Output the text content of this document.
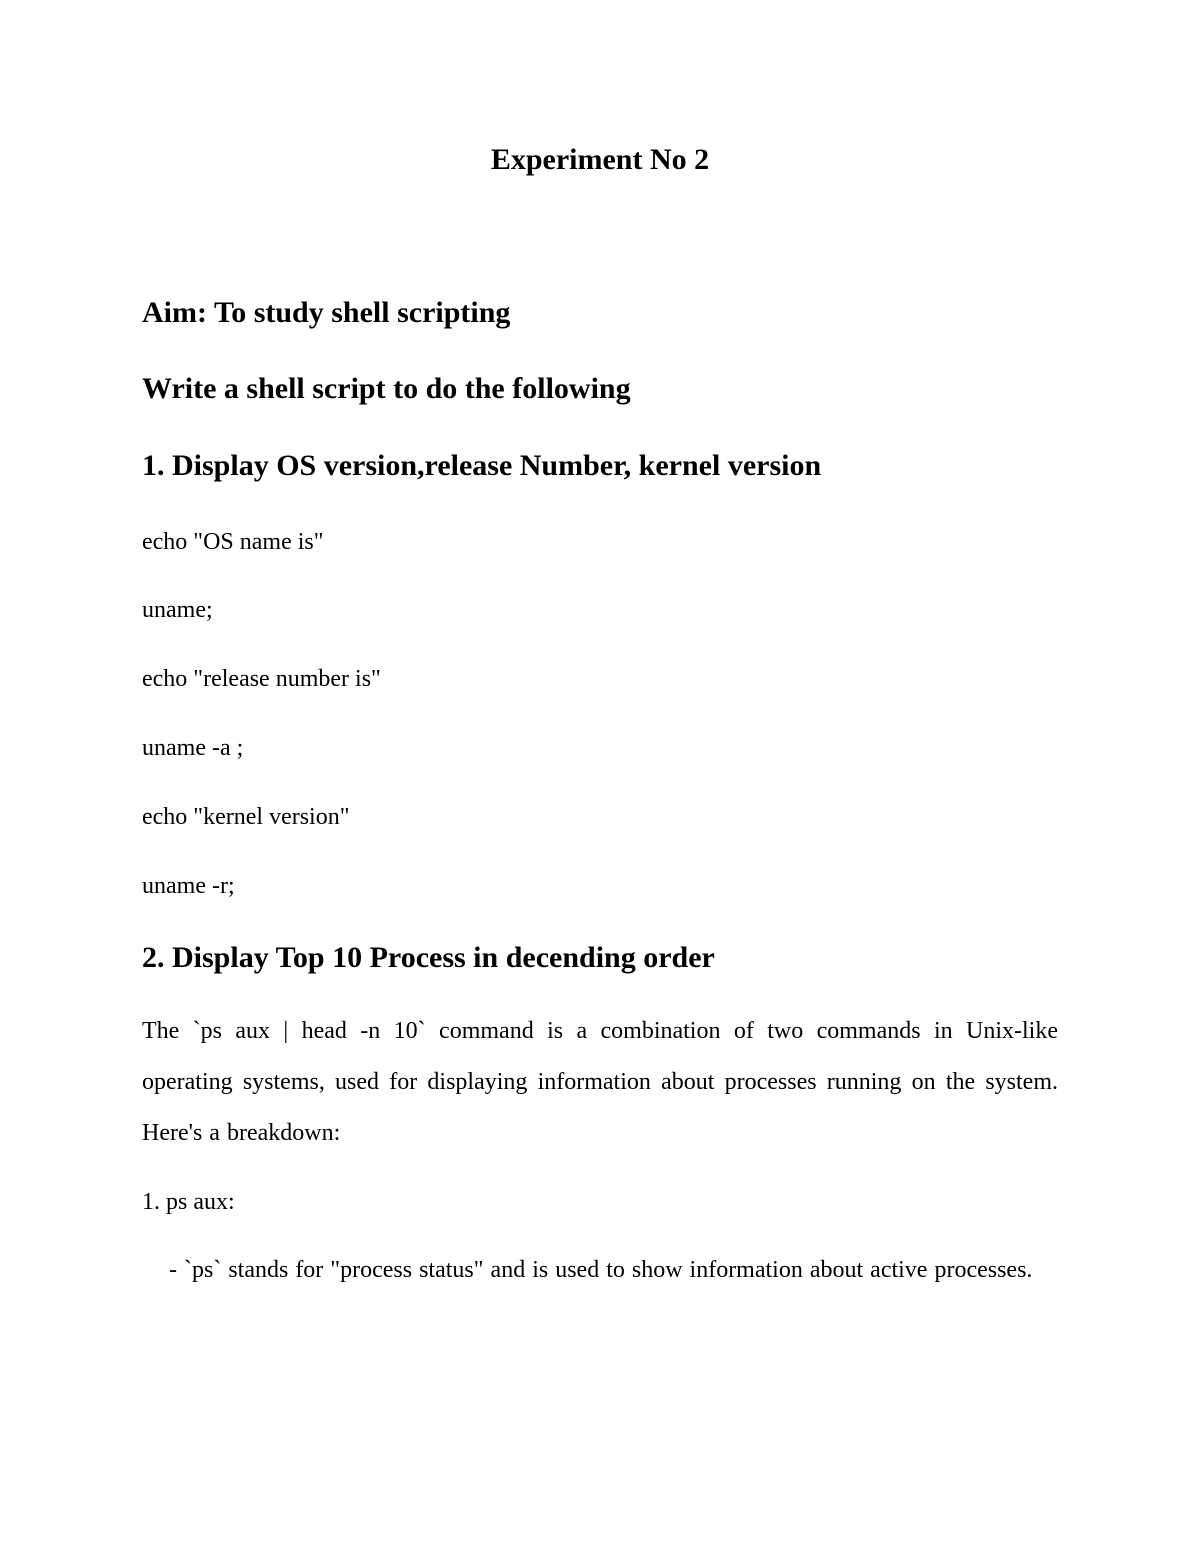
Experiment No 2
Aim: To study shell scripting
Write a shell script to do the following
1. Display OS version,release Number, kernel version
echo "OS name is"
uname;
echo "release number is"
uname -a ;
echo "kernel version"
uname -r;
2. Display Top 10 Process in decending order
The `ps aux | head -n 10` command is a combination of two commands in Unix-like operating systems, used for displaying information about processes running on the system. Here's a breakdown:
1. ps aux:
- `ps` stands for "process status" and is used to show information about active processes.
